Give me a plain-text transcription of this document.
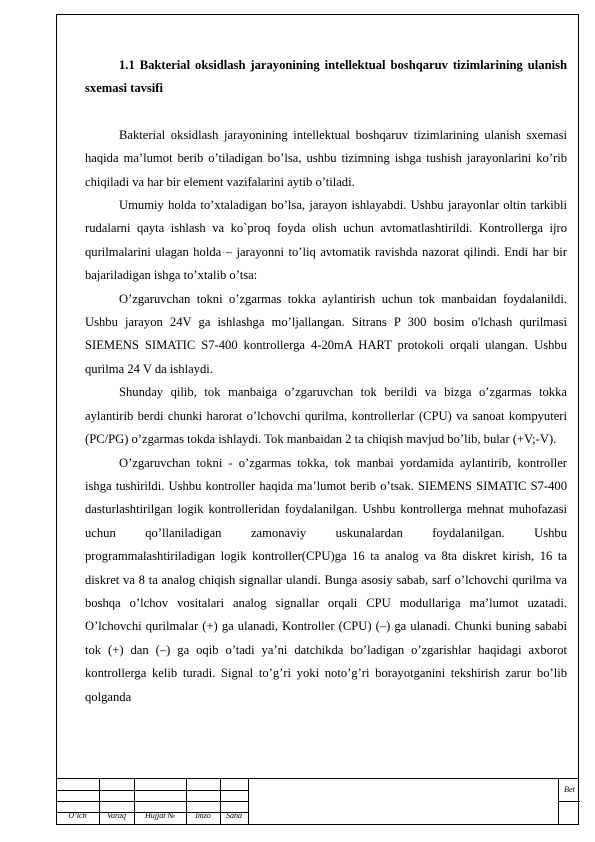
1.1 Bakterial oksidlash jarayonining intellektual boshqaruv tizimlarining ulanish sxemasi tavsifi

Bakterial oksidlash jarayonining intellektual boshqaruv tizimlarining ulanish sxemasi haqida ma’lumot berib o’tiladigan bo’lsa, ushbu tizimning ishga tushish jarayonlarini ko’rib chiqiladi va har bir element vazifalarini aytib o’tiladi.

Umumiy holda to’xtaladigan bo’lsa, jarayon ishlayabdi. Ushbu jarayonlar oltin tarkibli rudalarni qayta ishlash va ko`proq foyda olish uchun avtomatlashtirildi. Kontrollerga ijro qurilmalarini ulagan holda – jarayonni to’liq avtomatik ravishda nazorat qilindi. Endi har bir bajariladigan ishga to’xtalib o’tsa:

O’zgaruvchan tokni o’zgarmas tokka aylantirish uchun tok manbaidan foydalanildi. Ushbu jarayon 24V ga ishlashga mo’ljallangan. Sitrans P 300 bosim o'lchash qurilmasi SIEMENS SIMATIC S7-400 kontrollerga 4-20mA HART protokoli orqali ulangan. Ushbu qurilma 24 V da ishlaydi.

Shunday qilib, tok manbaiga o’zgaruvchan tok berildi va bizga o’zgarmas tokka aylantirib berdi chunki harorat o’lchovchi qurilma, kontrollerlar (CPU) va sanoat kompyuteri (PC/PG) o’zgarmas tokda ishlaydi. Tok manbaidan 2 ta chiqish mavjud bo’lib, bular (+V;-V).

O’zgaruvchan tokni - o’zgarmas tokka, tok manbai yordamida aylantirib, kontroller ishga tushirildi. Ushbu kontroller haqida ma’lumot berib o’tsak. SIEMENS SIMATIC S7-400 dasturlashtirilgan logik kontrolleridan foydalanilgan. Ushbu kontrollerga mehnat muhofazasi uchun qo’llaniladigan zamonaviy uskunalardan foydalanilgan. Ushbu programmalashtiriladigan logik kontroller(CPU)ga 16 ta analog va 8ta diskret kirish, 16 ta diskret va 8 ta analog chiqish signallar ulandi. Bunga asosiy sabab, sarf o’lchovchi qurilma va boshqa o’lchov vositalari analog signallar orqali CPU modullariga ma’lumot uzatadi. O’lchovchi qurilmalar (+) ga ulanadi, Kontroller (CPU) (–) ga ulanadi. Chunki buning sababi tok (+) dan (–) ga oqib o’tadi ya’ni datchikda bo’ladigan o’zgarishlar haqidagi axborot kontrollerga kelib turadi. Signal to’g’ri yoki noto’g’ri borayotganini tekshirish zarur bo’lib qolganda

O’lch	Varaq	Hujjat №	Imzo	Sana
Bet
